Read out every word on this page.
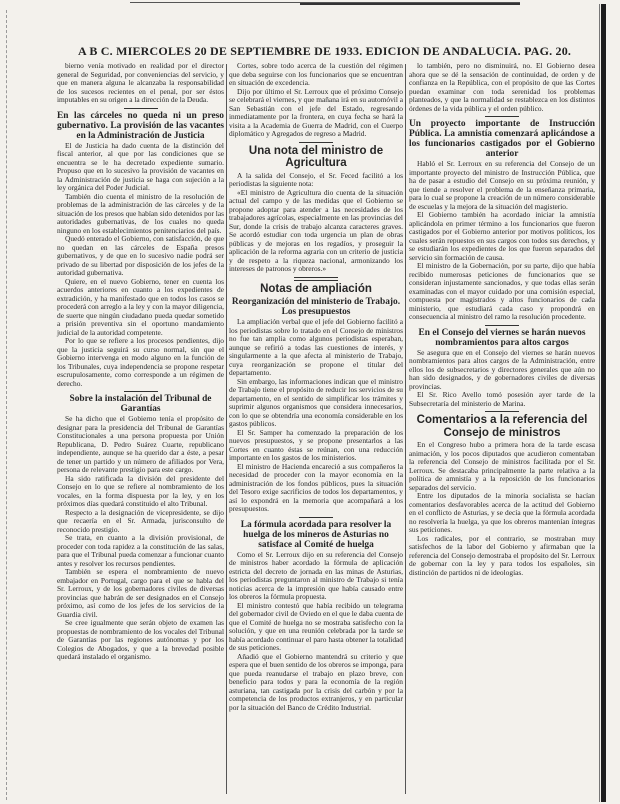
A B C. MIERCOLES 20 DE SEPTIEMBRE DE 1933. EDICION DE ANDALUCIA. PAG. 20.

bierno venía motivado en realidad por el director general de Seguridad, por conveniencias del servicio, y que en manera alguna le alcanzaba la responsabilidad de los sucesos recientes en el penal, por ser éstos imputables en su origen a la dirección de la Deuda.

En las cárceles no queda ni un preso gubernativo. La provisión de las vacantes en la Administración de Justicia

El de Justicia ha dado cuenta de la distinción del fiscal anterior, al que por las condiciones que se encuentra se le ha decretado expediente sumario. Propuso que en lo sucesivo la provisión de vacantes en la Administración de justicia se haga con sujeción a la ley orgánica del Poder Judicial.

También dio cuenta el ministro de la resolución de problemas de la administración de las cárceles y de la situación de los presos que habían sido detenidos por las autoridades gubernativas, de los cuales no queda ninguno en los establecimientos penitenciarios del país.

Quedó enterado el Gobierno, con satisfacción, de que no quedan en las cárceles de España presos gubernativos, y de que en lo sucesivo nadie podrá ser privado de su libertad por disposición de los jefes de la autoridad gubernativa.

Quiere, en el nuevo Gobierno, tener en cuenta los acuerdos anteriores en cuanto a los expedientes de extradición, y ha manifestado que en todos los casos se procederá con arreglo a la ley y con la mayor diligencia, de suerte que ningún ciudadano pueda quedar sometido a prisión preventiva sin el oportuno mandamiento judicial de la autoridad competente.

Por lo que se refiere a los procesos pendientes, dijo que la justicia seguirá su curso normal, sin que el Gobierno intervenga en modo alguno en la función de los Tribunales, cuya independencia se propone respetar escrupulosamente, como corresponde a un régimen de derecho.

Sobre la instalación del Tribunal de Garantías

Se ha dicho que el Gobierno tenía el propósito de designar para la presidencia del Tribunal de Garantías Constitucionales a una persona propuesta por Unión Republicana, D. Pedro Suárez Cuarte, republicano independiente, aunque se ha querido dar a éste, a pesar de tener un partido y un número de afiliados por Vera, persona de relevante prestigio para este cargo.

Ha sido ratificada la división del presidente del Consejo en lo que se refiere al nombramiento de los vocales, en la forma dispuesta por la ley, y en los próximos días quedará constituido el alto Tribunal.

Respecto a la designación de vicepresidente, se dijo que recaería en el Sr. Armada, jurisconsulto de reconocido prestigio.

Se trata, en cuanto a la división provisional, de proceder con toda rapidez a la constitución de las salas, para que el Tribunal pueda comenzar a funcionar cuanto antes y resolver los recursos pendientes.

También se espera el nombramiento de nuevo embajador en Portugal, cargo para el que se habla del Sr. Lerroux, y de los gobernadores civiles de diversas provincias que habrán de ser designados en el Consejo próximo, así como de los jefes de los servicios de la Guardia civil.

Se cree igualmente que serán objeto de examen las propuestas de nombramiento de los vocales del Tribunal de Garantías por las regiones autónomas y por los Colegios de Abogados, y que a la brevedad posible quedará instalado el organismo.

Cortes, sobre todo acerca de la cuestión del régimen que deba seguirse con los funcionarios que se encuentran en situación de excedencia.

Dijo por último el Sr. Lerroux que el próximo Consejo se celebrará el viernes, y que mañana irá en su automóvil a San Sebastián con el jefe del Estado, regresando inmediatamente por la frontera, en cuya fecha se hará la visita a la Academia de Guerra de Madrid, con el Cuerpo diplomático y Agregados de regreso a Madrid.

Una nota del ministro de Agricultura

A la salida del Consejo, el Sr. Feced facilitó a los periodistas la siguiente nota:

«El ministro de Agricultura dio cuenta de la situación actual del campo y de las medidas que el Gobierno se propone adoptar para atender a las necesidades de los trabajadores agrícolas, especialmente en las provincias del Sur, donde la crisis de trabajo alcanza caracteres graves. Se acordó estudiar con toda urgencia un plan de obras públicas y de mejoras en los regadíos, y proseguir la aplicación de la reforma agraria con un criterio de justicia y de respeto a la riqueza nacional, armonizando los intereses de patronos y obreros.»

Notas de ampliación
Reorganización del ministerio de Trabajo. Los presupuestos

La ampliación verbal que el jefe del Gobierno facilitó a los periodistas sobre lo tratado en el Consejo de ministros no fue tan amplia como algunos periodistas esperaban, aunque se refirió a todas las cuestiones de interés, y singularmente a la que afecta al ministerio de Trabajo, cuya reorganización se propone el titular del departamento.

Sin embargo, las informaciones indican que el ministro de Trabajo tiene el propósito de reducir los servicios de su departamento, en el sentido de simplificar los trámites y suprimir algunos organismos que considera innecesarios, con lo que se obtendría una economía considerable en los gastos públicos.

El Sr. Samper ha comenzado la preparación de los nuevos presupuestos, y se propone presentarlos a las Cortes en cuanto éstas se reúnan, con una reducción importante en los gastos de los ministerios.

El ministro de Hacienda encareció a sus compañeros la necesidad de proceder con la mayor economía en la administración de los fondos públicos, pues la situación del Tesoro exige sacrificios de todos los departamentos, y así lo expondrá en la memoria que acompañará a los presupuestos.

La fórmula acordada para resolver la huelga de los mineros de Asturias no satisface al Comité de huelga

Como el Sr. Lerroux dijo en su referencia del Consejo de ministros haber acordado la fórmula de aplicación estricta del decreto de jornada en las minas de Asturias, los periodistas preguntaron al ministro de Trabajo si tenía noticias acerca de la impresión que había causado entre los obreros la fórmula propuesta.

El ministro contestó que había recibido un telegrama del gobernador civil de Oviedo en el que le daba cuenta de que el Comité de huelga no se mostraba satisfecho con la solución, y que en una reunión celebrada por la tarde se había acordado continuar el paro hasta obtener la totalidad de sus peticiones.

Añadió que el Gobierno mantendrá su criterio y que espera que el buen sentido de los obreros se imponga, para que pueda reanudarse el trabajo en plazo breve, con beneficio para todos y para la economía de la región asturiana, tan castigada por la crisis del carbón y por la competencia de los productos extranjeros, y en particular por la situación del Banco de Crédito Industrial.

lo también, pero no disminuirá, no. El Gobierno desea ahora que se dé la sensación de continuidad, de orden y de confianza en la República, con el propósito de que las Cortes puedan examinar con toda serenidad los problemas planteados, y que la normalidad se restablezca en los distintos órdenes de la vida pública y el orden público.

Un proyecto importante de Instrucción Pública. La amnistía comenzará aplicándose a los funcionarios castigados por el Gobierno anterior

Habló el Sr. Lerroux en su referencia del Consejo de un importante proyecto del ministro de Instrucción Pública, que ha de pasar a estudio del Consejo en su próxima reunión, y que tiende a resolver el problema de la enseñanza primaria, para lo cual se propone la creación de un número considerable de escuelas y la mejora de la situación del magisterio.

El Gobierno también ha acordado iniciar la amnistía aplicándola en primer término a los funcionarios que fueron castigados por el Gobierno anterior por motivos políticos, los cuales serán repuestos en sus cargos con todos sus derechos, y se estudiarán los expedientes de los que fueron separados del servicio sin formación de causa.

El ministro de la Gobernación, por su parte, dijo que había recibido numerosas peticiones de funcionarios que se consideran injustamente sancionados, y que todas ellas serán examinadas con el mayor cuidado por una comisión especial, compuesta por magistrados y altos funcionarios de cada ministerio, que estudiará cada caso y propondrá en consecuencia al ministro del ramo la resolución procedente.

En el Consejo del viernes se harán nuevos nombramientos para altos cargos

Se asegura que en el Consejo del viernes se harán nuevos nombramientos para altos cargos de la Administración, entre ellos los de subsecretarios y directores generales que aún no han sido designados, y de gobernadores civiles de diversas provincias.

El Sr. Rico Avello tomó posesión ayer tarde de la Subsecretaría del ministerio de Marina.

Comentarios a la referencia del Consejo de ministros

En el Congreso hubo a primera hora de la tarde escasa animación, y los pocos diputados que acudieron comentaban la referencia del Consejo de ministros facilitada por el Sr. Lerroux. Se destacaba principalmente la parte relativa a la política de amnistía y a la reposición de los funcionarios separados del servicio.

Entre los diputados de la minoría socialista se hacían comentarios desfavorables acerca de la actitud del Gobierno en el conflicto de Asturias, y se decía que la fórmula acordada no resolvería la huelga, ya que los obreros mantenían íntegras sus peticiones.

Los radicales, por el contrario, se mostraban muy satisfechos de la labor del Gobierno y afirmaban que la referencia del Consejo demostraba el propósito del Sr. Lerroux de gobernar con la ley y para todos los españoles, sin distinción de partidos ni de ideologías.
